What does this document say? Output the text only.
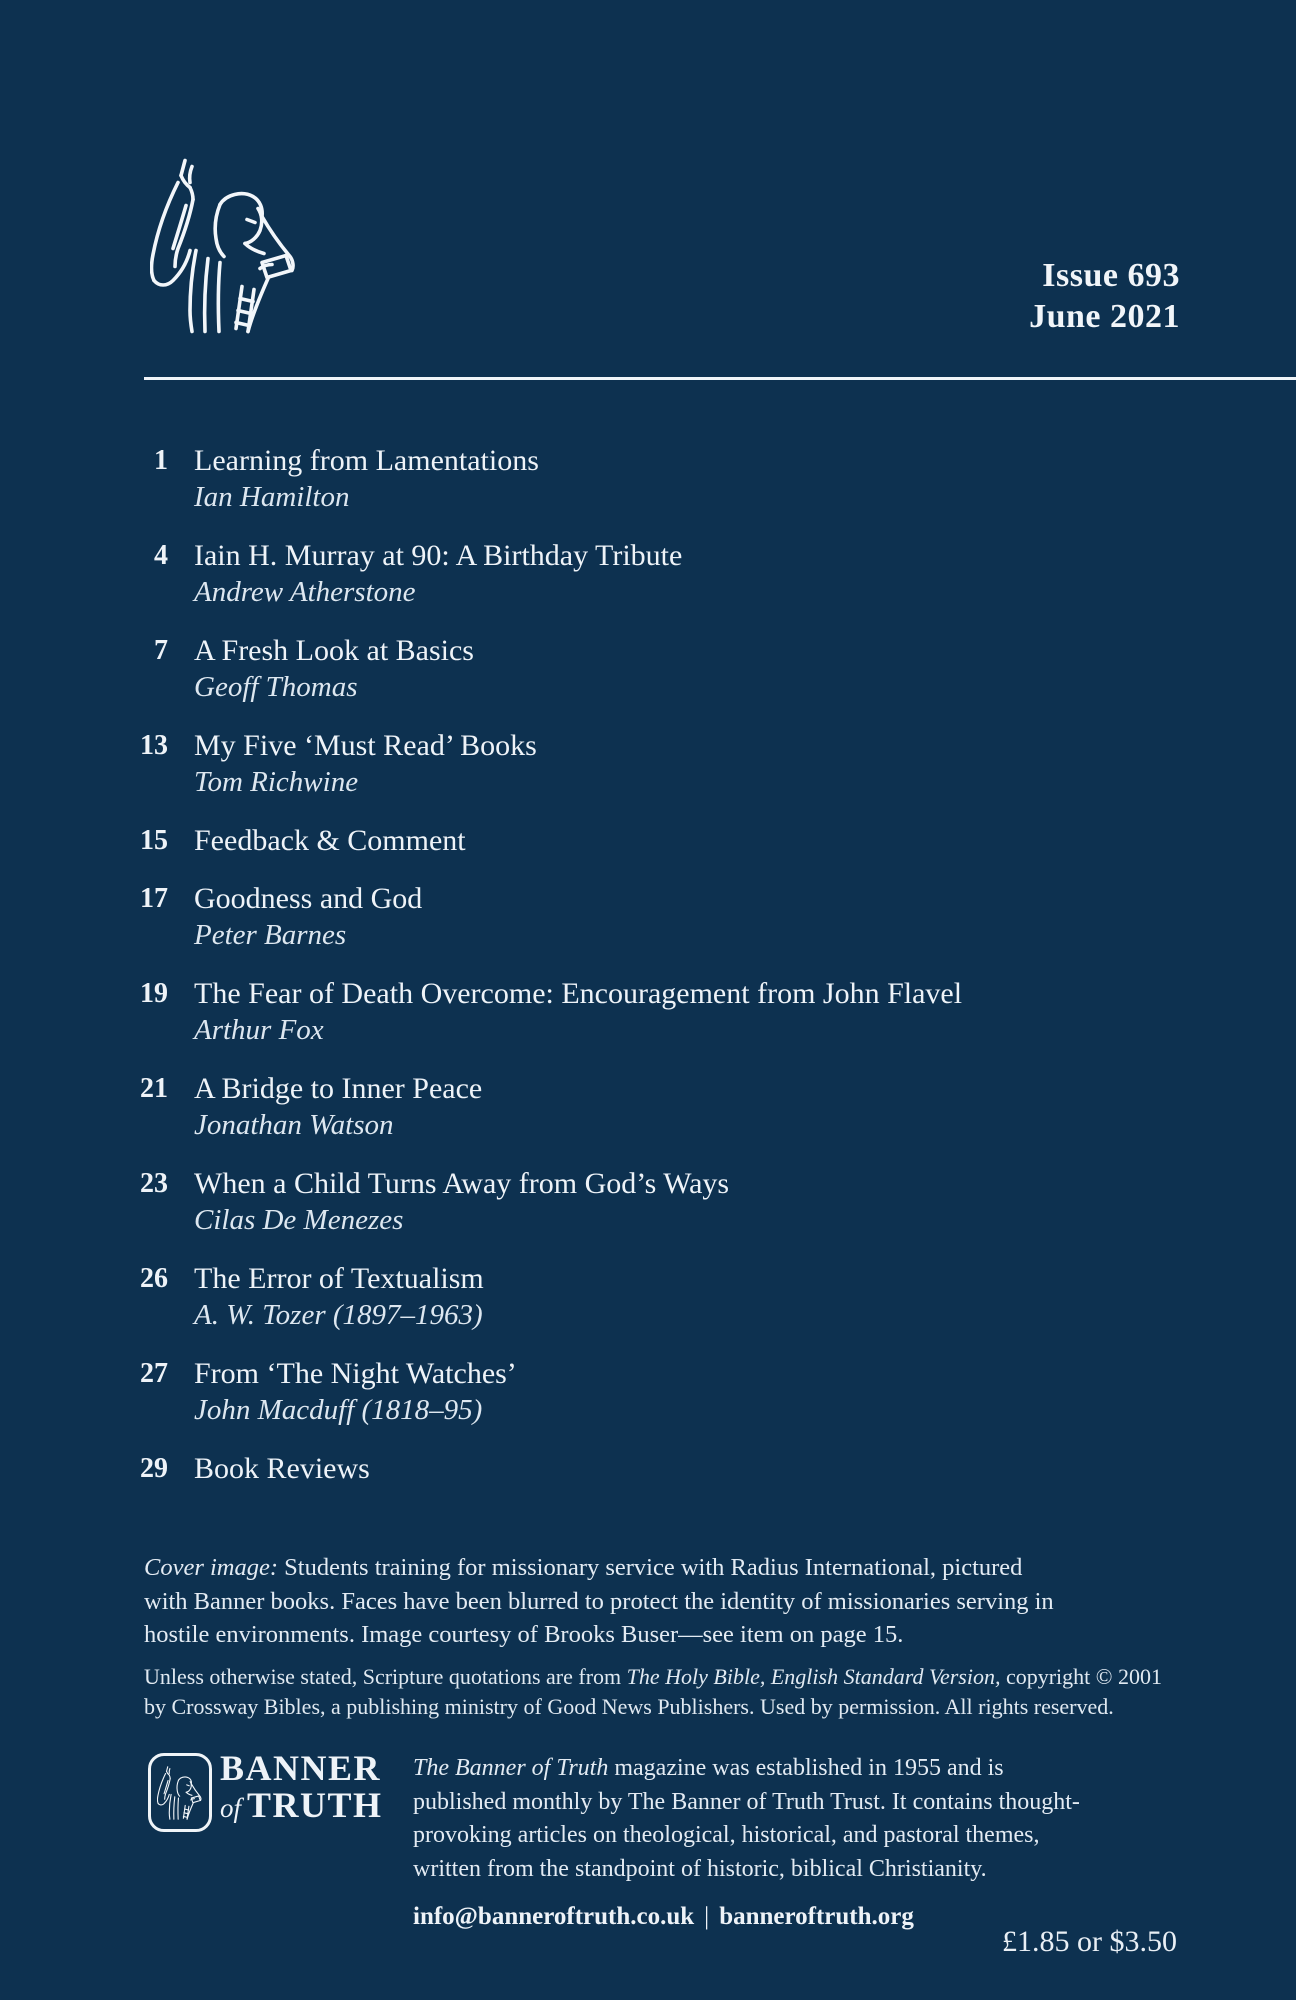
Issue 693
June 2021
1 Learning from Lamentations
Ian Hamilton
4 Iain H. Murray at 90: A Birthday Tribute
Andrew Atherstone
7 A Fresh Look at Basics
Geoff Thomas
13 My Five ‘Must Read’ Books
Tom Richwine
15 Feedback & Comment
17 Goodness and God
Peter Barnes
19 The Fear of Death Overcome: Encouragement from John Flavel
Arthur Fox
21 A Bridge to Inner Peace
Jonathan Watson
23 When a Child Turns Away from God’s Ways
Cilas De Menezes
26 The Error of Textualism
A. W. Tozer (1897–1963)
27 From ‘The Night Watches’
John Macduff (1818–95)
29 Book Reviews
Cover image: Students training for missionary service with Radius International, pictured
with Banner books. Faces have been blurred to protect the identity of missionaries serving in
hostile environments. Image courtesy of Brooks Buser—see item on page 15.
Unless otherwise stated, Scripture quotations are from The Holy Bible, English Standard Version, copyright © 2001
by Crossway Bibles, a publishing ministry of Good News Publishers. Used by permission. All rights reserved.
BANNER
of TRUTH
The Banner of Truth magazine was established in 1955 and is
published monthly by The Banner of Truth Trust. It contains thought-
provoking articles on theological, historical, and pastoral themes,
written from the standpoint of historic, biblical Christianity.
info@banneroftruth.co.uk | banneroftruth.org
£1.85 or $3.50
